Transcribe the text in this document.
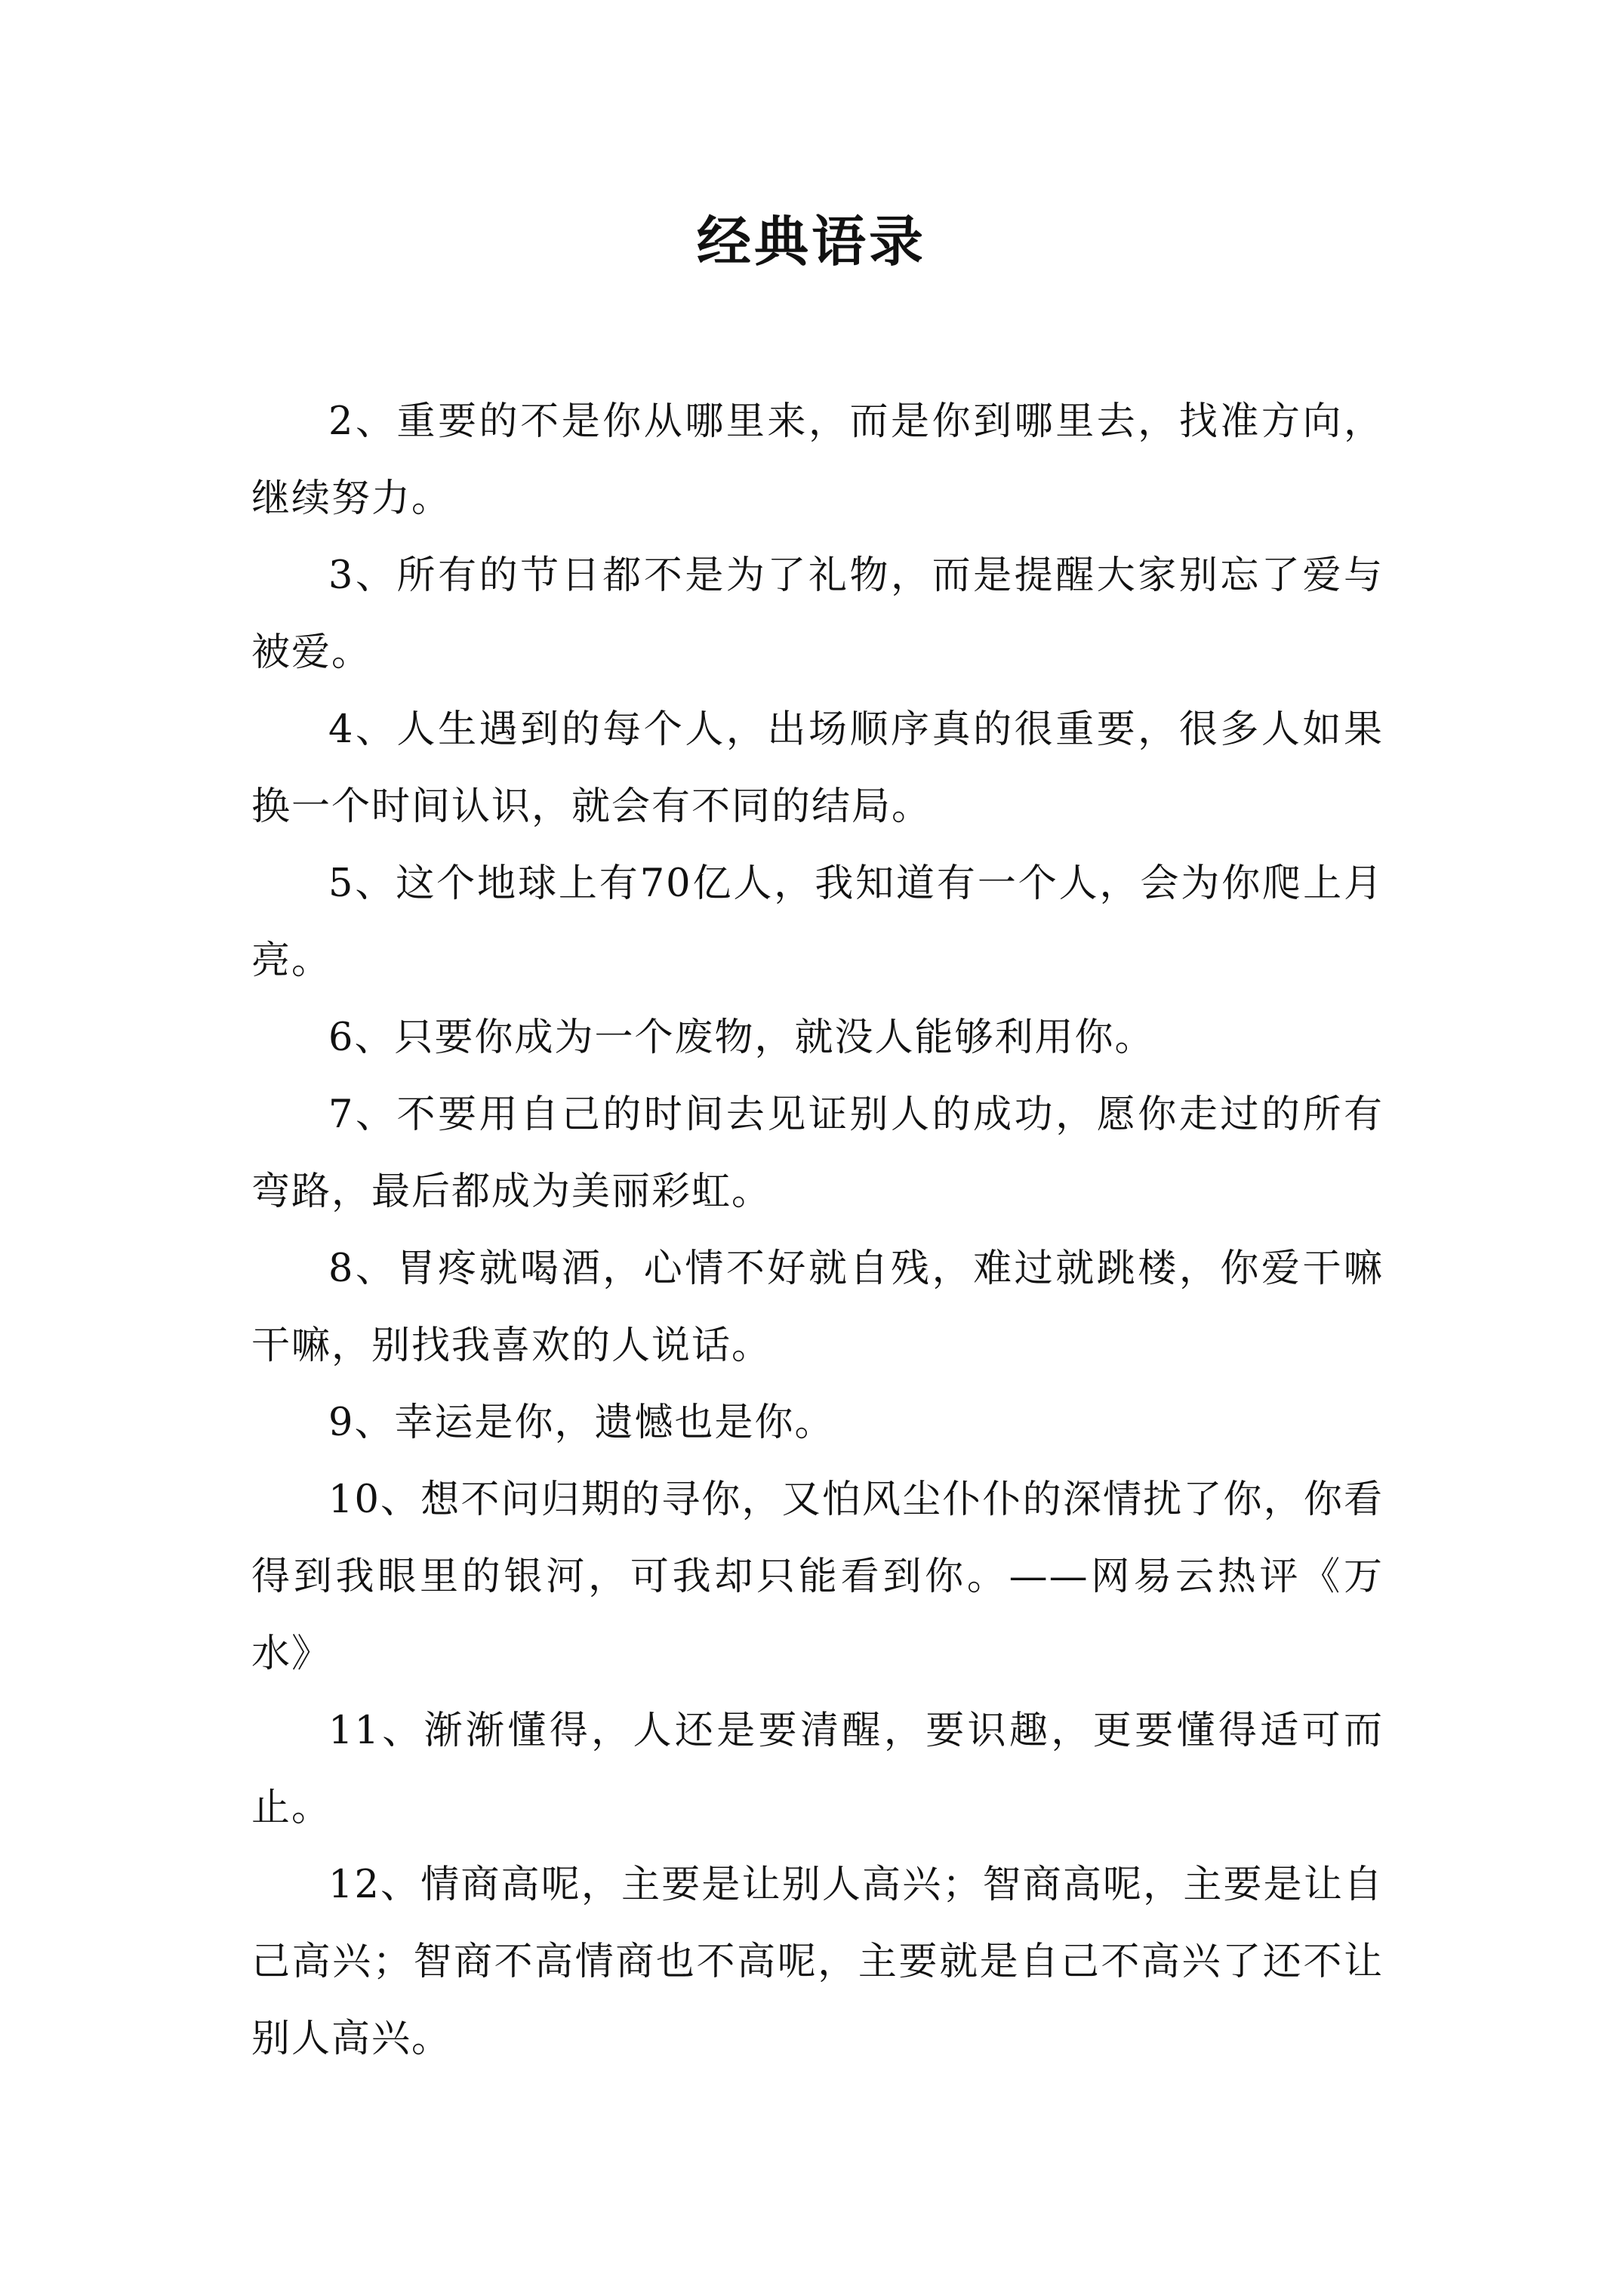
经典语录

2、重要的不是你从哪里来，而是你到哪里去，找准方向，继续努力。

3、所有的节日都不是为了礼物，而是提醒大家别忘了爱与被爱。

4、人生遇到的每个人，出场顺序真的很重要，很多人如果换一个时间认识，就会有不同的结局。

5、这个地球上有70亿人，我知道有一个人，会为你爬上月亮。

6、只要你成为一个废物，就没人能够利用你。

7、不要用自己的时间去见证别人的成功，愿你走过的所有弯路，最后都成为美丽彩虹。

8、胃疼就喝酒，心情不好就自残，难过就跳楼，你爱干嘛干嘛，别找我喜欢的人说话。

9、幸运是你，遗憾也是你。

10、想不问归期的寻你，又怕风尘仆仆的深情扰了你，你看得到我眼里的银河，可我却只能看到你。——网易云热评《万水》

11、渐渐懂得，人还是要清醒，要识趣，更要懂得适可而止。

12、情商高呢，主要是让别人高兴；智商高呢，主要是让自己高兴；智商不高情商也不高呢，主要就是自己不高兴了还不让别人高兴。
